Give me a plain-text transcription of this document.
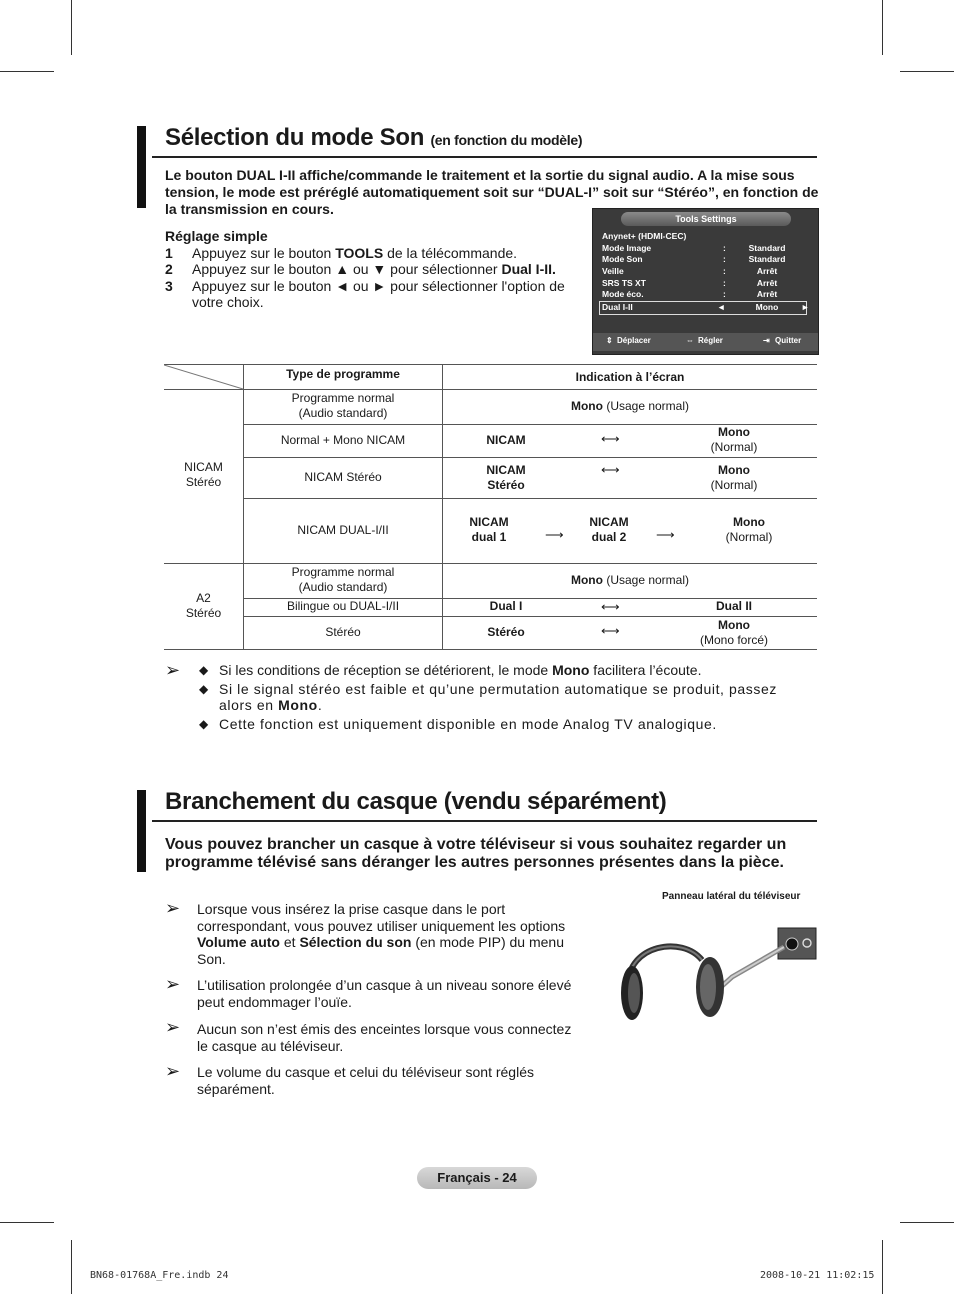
Sélection du mode Son (en fonction du modèle)
Le bouton DUAL I-II affiche/commande le traitement et la sortie du signal audio. A la mise sous tension, le mode est préréglé automatiquement soit sur “DUAL-I” soit sur “Stéréo”, en fonction de la transmission en cours.
Réglage simple
1	Appuyez sur le bouton TOOLS de la télécommande.
2	Appuyez sur le bouton ▲ ou ▼ pour sélectionner Dual I-II.
3	Appuyez sur le bouton ◄ ou ► pour sélectionner l'option de votre choix.
Tools Settings
Anynet+ (HDMI-CEC)
Mode Image	:	Standard
Mode Son	:	Standard
Veille	:	Arrêt
SRS TS XT	:	Arrêt
Mode éco.	:	Arrêt
Dual I-II	◄	Mono	►
⇕ Déplacer	⇔ Régler	⇥ Quitter
Type de programme	Indication à l’écran
NICAM
Stéréo
A2
Stéréo
Programme normal
(Audio standard)	Mono (Usage normal)
Normal + Mono NICAM	NICAM	⟷	Mono
(Normal)
NICAM Stéréo	NICAM
Stéréo
⟷	Mono
(Normal)
NICAM DUAL-I/II
NICAM
dual 1	⟶
NICAM
dual 2	⟶
Mono
(Normal)
Programme normal
(Audio standard)	Mono (Usage normal)
Bilingue ou DUAL-I/II	Dual I	⟷	Dual II
Stéréo	Stéréo	⟷	Mono
(Mono forcé)
➢ ◆ Si les conditions de réception se détériorent, le mode Mono facilitera l’écoute.
◆ Si le signal stéréo est faible et qu’une permutation automatique se produit, passez alors en Mono.
◆ Cette fonction est uniquement disponible en mode Analog TV analogique.
Branchement du casque (vendu séparément)
Vous pouvez brancher un casque à votre téléviseur si vous souhaitez regarder un programme télévisé sans déranger les autres personnes présentes dans la pièce.
Panneau latéral du téléviseur
➢ Lorsque vous insérez la prise casque dans le port correspondant, vous pouvez utiliser uniquement les options Volume auto et Sélection du son (en mode PIP) du menu Son.
➢ L’utilisation prolongée d’un casque à un niveau sonore élevé peut endommager l’ouïe.
➢ Aucun son n’est émis des enceintes lorsque vous connectez le casque au téléviseur.
➢ Le volume du casque et celui du téléviseur sont réglés séparément.
Français - 24
BN68-01768A_Fre.indb 24	2008-10-21 11:02:15
